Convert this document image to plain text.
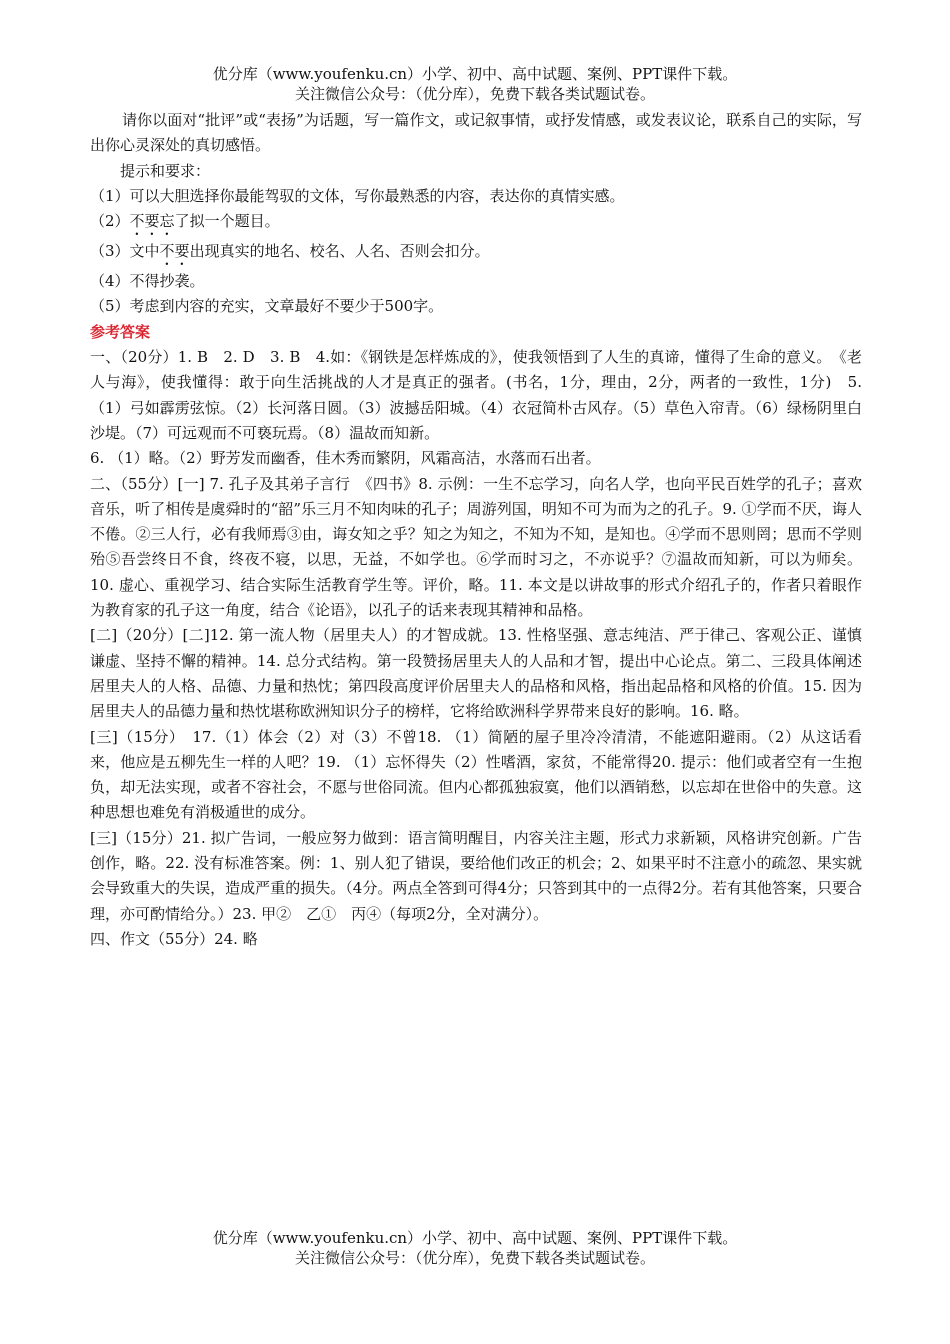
优分库（www.youfenku.cn）小学、初中、高中试题、案例、PPT课件下载。
关注微信公众号：（优分库），免费下载各类试题试卷。

请你以面对“批评”或“表扬”为话题，写一篇作文，或记叙事情，或抒发情感，或发表议论，联系自己的实际，写出你心灵深处的真切感悟。

提示和要求：

（1）可以大胆选择你最能驾驭的文体，写你最熟悉的内容，表达你的真情实感。

（2）不要忘了拟一个题目。

（3）文中不要出现真实的地名、校名、人名、否则会扣分。

（4）不得抄袭。

（5）考虑到内容的充实，文章最好不要少于500字。

参考答案

一、（20分）1. B　2. D　3. B　4.如：《钢铁是怎样炼成的》，使我领悟到了人生的真谛，懂得了生命的意义。　《老人与海》，使我懂得：敢于向生活挑战的人才是真正的强者。(书名，1分，理由，2分，两者的一致性，1分)　5. （1）弓如霹雳弦惊。（2）长河落日圆。（3）波撼岳阳城。（4）衣冠简朴古风存。（5）草色入帘青。（6）绿杨阴里白沙堤。（7）可远观而不可亵玩焉。（8）温故而知新。

6. （1）略。（2）野芳发而幽香，佳木秀而繁阴，风霜高洁，水落而石出者。

二、（55分）[一] 7. 孔子及其弟子言行　《四书》8. 示例：一生不忘学习，向名人学，也向平民百姓学的孔子；喜欢音乐，听了相传是虞舜时的“韶”乐三月不知肉味的孔子；周游列国，明知不可为而为之的孔子。9. ①学而不厌，诲人不倦。②三人行，必有我师焉③由，诲女知之乎？知之为知之，不知为不知，是知也。④学而不思则罔；思而不学则殆⑤吾尝终日不食，终夜不寝，以思，无益，不如学也。⑥学而时习之，不亦说乎？⑦温故而知新，可以为师矣。10. 虚心、重视学习、结合实际生活教育学生等。评价，略。11. 本文是以讲故事的形式介绍孔子的，作者只着眼作为教育家的孔子这一角度，结合《论语》，以孔子的话来表现其精神和品格。

[二]（20分）[二]12. 第一流人物（居里夫人）的才智成就。13. 性格坚强、意志纯洁、严于律己、客观公正、谨慎谦虚、坚持不懈的精神。14. 总分式结构。第一段赞扬居里夫人的人品和才智，提出中心论点。第二、三段具体阐述居里夫人的人格、品德、力量和热忱；第四段高度评价居里夫人的品格和风格，指出起品格和风格的价值。15. 因为居里夫人的品德力量和热忱堪称欧洲知识分子的榜样，它将给欧洲科学界带来良好的影响。16. 略。

[三]（15分）　17.（1）体会（2）对（3）不曾18. （1）简陋的屋子里冷冷清清，不能遮阳避雨。（2）从这话看来，他应是五柳先生一样的人吧？19. （1）忘怀得失（2）性嗜酒，家贫，不能常得20. 提示：他们或者空有一生抱负，却无法实现，或者不容社会，不愿与世俗同流。但内心都孤独寂寞，他们以酒销愁，以忘却在世俗中的失意。这种思想也难免有消极遁世的成分。

[三]（15分）21. 拟广告词，一般应努力做到：语言简明醒目，内容关注主题，形式力求新颖，风格讲究创新。广告创作，略。22. 没有标准答案。例：1、别人犯了错误，要给他们改正的机会；2、如果平时不注意小的疏忽、果实就会导致重大的失误，造成严重的损失。（4分。两点全答到可得4分；只答到其中的一点得2分。若有其他答案，只要合理，亦可酌情给分。）23. 甲②　乙①　丙④（每项2分，全对满分）。

四、作文（55分）24. 略

优分库（www.youfenku.cn）小学、初中、高中试题、案例、PPT课件下载。
关注微信公众号：（优分库），免费下载各类试题试卷。
